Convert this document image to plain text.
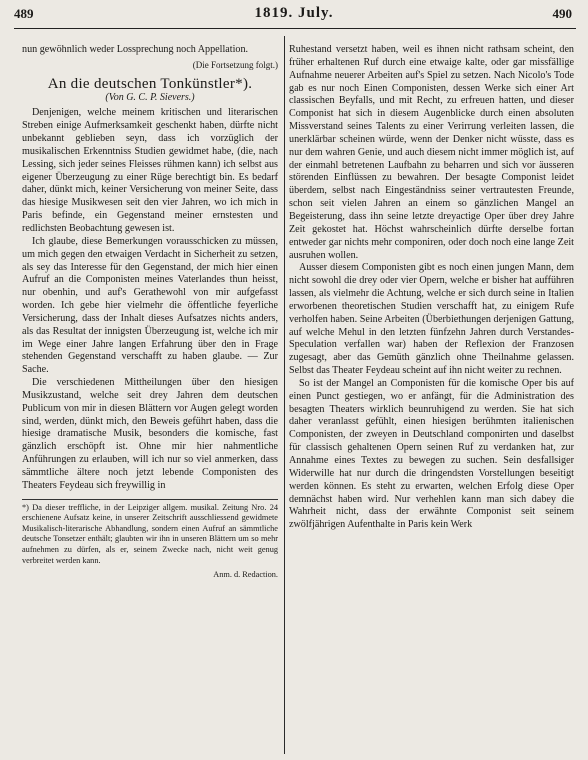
489	1819. July.	490

nun gewöhnlich weder Lossprechung noch Appellation.

(Die Fortsetzung folgt.)
An die deutschen Tonkünstler*).
(Von G. C. P. Sievers.)

Denjenigen, welche meinem kritischen und literarischen Streben einige Aufmerksamkeit geschenkt haben, dürfte nicht unbekannt geblieben seyn, dass ich vorzüglich der musikalischen Erkenntniss Studien gewidmet habe, (die, nach Lessing, sich jeder seines Fleisses rühmen kann) ich selbst aus eigener Überzeugung zu einer Rüge berechtigt bin. Es bedarf daher, dünkt mich, keiner Versicherung von meiner Seite, dass das hiesige Musikwesen seit den vier Jahren, wo ich mich in Paris befinde, ein Gegenstand meiner ernstesten und redlichsten Beobachtung gewesen ist.

Ich glaube, diese Bemerkungen vorausschicken zu müssen, um mich gegen den etwaigen Verdacht in Sicherheit zu setzen, als sey das Interesse für den Gegenstand, der mich hier einen Aufruf an die Componisten meines Vaterlandes thun heisst, nur obenhin, und auf's Gerathewohl von mir aufgefasst worden. Ich gebe hier vielmehr die öffentliche feyerliche Versicherung, dass der Inhalt dieses Aufsatzes nichts anders, als das Resultat der innigsten Überzeugung ist, welche ich mir im Wege einer Jahre langen Erfahrung über den in Frage stehenden Gegenstand verschafft zu haben glaube. — Zur Sache.

Die verschiedenen Mittheilungen über den hiesigen Musikzustand, welche seit drey Jahren dem deutschen Publicum von mir in diesen Blättern vor Augen gelegt worden sind, werden, dünkt mich, den Beweis geführt haben, dass die hiesige dramatische Musik, besonders die komische, fast gänzlich erschöpft ist. Ohne mir hier nahmentliche Anführungen zu erlauben, will ich nur so viel anmerken, dass sämmtliche ältere noch jetzt lebende Componisten des Theaters Feydeau sich freywillig in

*) Da dieser treffliche, in der Leipziger allgem. musikal. Zeitung Nro. 24 erschienene Aufsatz keine, in unserer Zeitschrift ausschliessend gewidmete Musikalisch-literarische Abhandlung, sondern einen Aufruf an sämmtliche deutsche Tonsetzer enthält; glaubten wir ihn in unseren Blättern um so mehr aufnehmen zu dürfen, als er, seinem Zwecke nach, nicht weit genug verbreitet werden kann.

Anm. d. Redaction.

Ruhestand versetzt haben, weil es ihnen nicht rathsam scheint, den früher erhaltenen Ruf durch eine etwaige kalte, oder gar missfällige Aufnahme neuerer Arbeiten auf's Spiel zu setzen. Nach Nicolo's Tode gab es nur noch Einen Componisten, dessen Werke sich einer Art classischen Beyfalls, und mit Recht, zu erfreuen hatten, und dieser Componist hat sich in diesem Augenblicke durch einen absoluten Missverstand seines Talents zu einer Verirrung verleiten lassen, die unerklärbar scheinen würde, wenn der Denker nicht wüsste, dass es nur dem wahren Genie, und auch diesem nicht immer möglich ist, auf der einmahl betretenen Laufbahn zu beharren und sich vor äusseren störenden Einflüssen zu bewahren. Der besagte Componist leidet überdem, selbst nach Eingeständniss seiner vertrautesten Freunde, schon seit vielen Jahren an einem so gänzlichen Mangel an Begeisterung, dass ihn seine letzte dreyactige Oper über drey Jahre Zeit gekostet hat. Höchst wahrscheinlich dürfte derselbe fortan entweder gar nichts mehr componiren, oder doch noch eine lange Zeit ausruhen wollen.

Ausser diesem Componisten gibt es noch einen jungen Mann, dem nicht sowohl die drey oder vier Opern, welche er bisher hat aufführen lassen, als vielmehr die Achtung, welche er sich durch seine in Italien erworbenen theoretischen Studien verschafft hat, zu einigem Rufe verholfen haben. Seine Arbeiten (Überbiethungen derjenigen Gattung, auf welche Mehul in den letzten fünfzehn Jahren durch Verstandes-Speculation verfallen war) haben der Reflexion der Franzosen zugesagt, aber das Gemüth gänzlich ohne Theilnahme gelassen. Selbst das Theater Feydeau scheint auf ihn nicht weiter zu rechnen.

So ist der Mangel an Componisten für die komische Oper bis auf einen Punct gestiegen, wo er anfängt, für die Administration des besagten Theaters wirklich beunruhigend zu werden. Sie hat sich daher veranlasst gefühlt, einen hiesigen berühmten italienischen Componisten, der zweyen in Deutschland componirten und daselbst für classisch gehaltenen Opern seinen Ruf zu verdanken hat, zur Annahme eines Textes zu bewegen zu suchen. Sein desfallsiger Widerwille hat nur durch die dringendsten Vorstellungen beseitigt werden können. Es steht zu erwarten, welchen Erfolg diese Oper demnächst haben wird. Nur verhehlen kann man sich dabey die Wahrheit nicht, dass der erwähnte Componist seit seinem zwölfjährigen Aufenthalte in Paris kein Werk
